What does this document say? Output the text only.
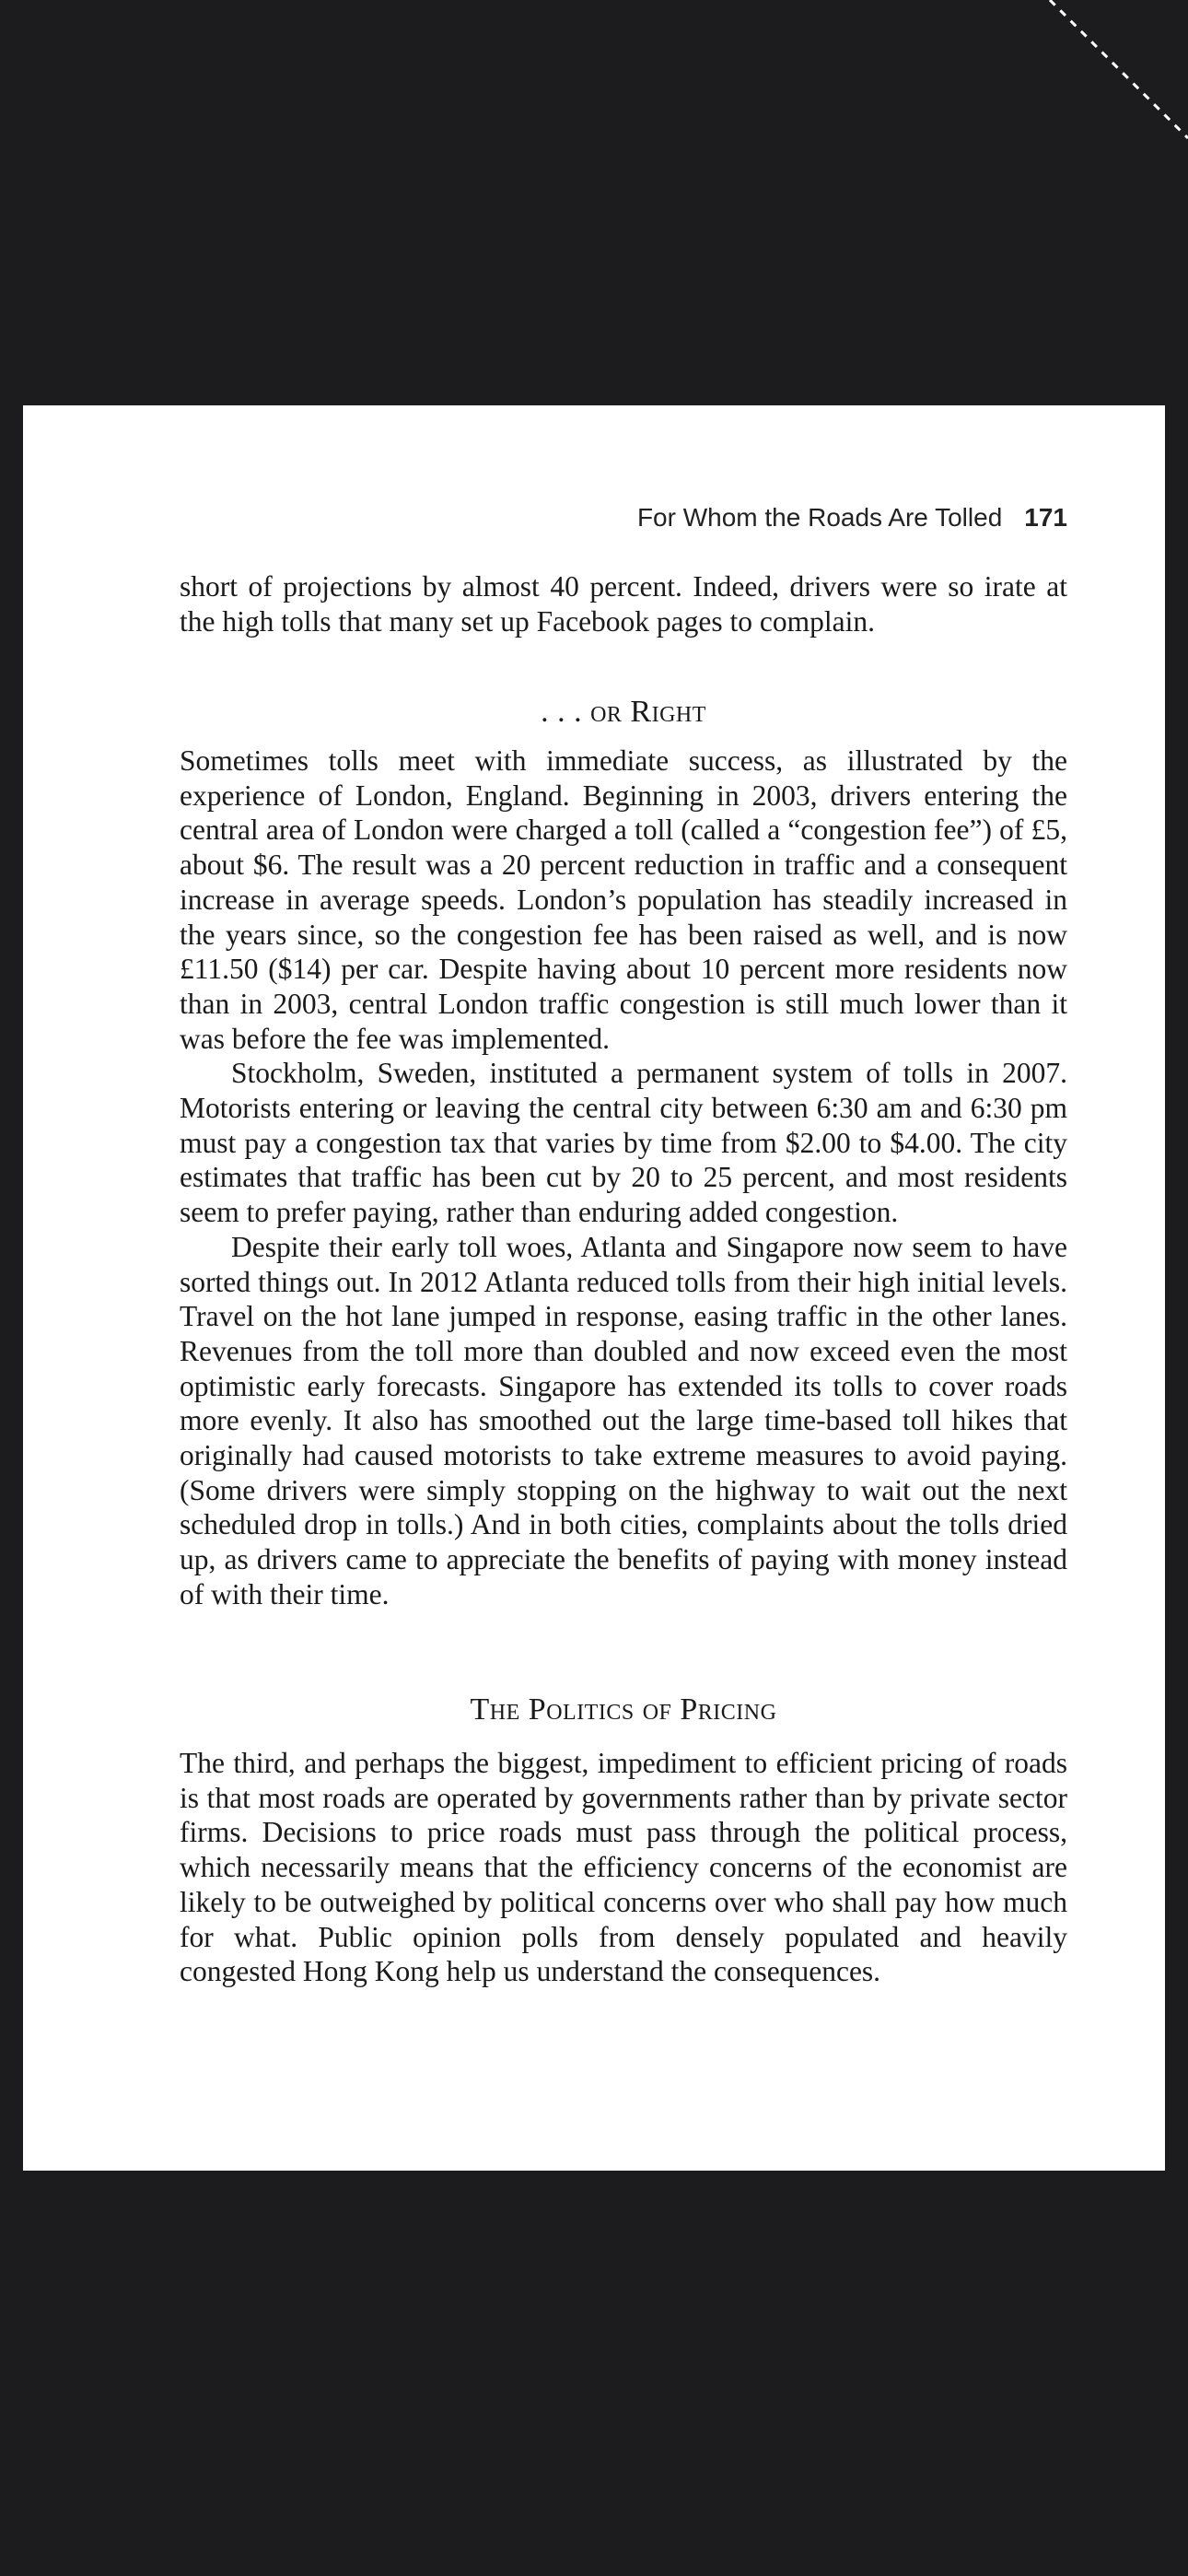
For Whom the Roads Are Tolled 171

short of projections by almost 40 percent. Indeed, drivers were so irate at the high tolls that many set up Facebook pages to complain.

. . . or Right

Sometimes tolls meet with immediate success, as illustrated by the experience of London, England. Beginning in 2003, drivers entering the central area of London were charged a toll (called a “congestion fee”) of £5, about $6. The result was a 20 percent reduction in traffic and a consequent increase in average speeds. London’s population has steadily increased in the years since, so the congestion fee has been raised as well, and is now £11.50 ($14) per car. Despite having about 10 percent more residents now than in 2003, central London traffic congestion is still much lower than it was before the fee was implemented.

Stockholm, Sweden, instituted a permanent system of tolls in 2007. Motorists entering or leaving the central city between 6:30 am and 6:30 pm must pay a congestion tax that varies by time from $2.00 to $4.00. The city estimates that traffic has been cut by 20 to 25 percent, and most residents seem to prefer paying, rather than enduring added congestion.

Despite their early toll woes, Atlanta and Singapore now seem to have sorted things out. In 2012 Atlanta reduced tolls from their high initial levels. Travel on the hot lane jumped in response, easing traffic in the other lanes. Revenues from the toll more than doubled and now exceed even the most optimistic early forecasts. Singapore has extended its tolls to cover roads more evenly. It also has smoothed out the large time-based toll hikes that originally had caused motorists to take extreme measures to avoid paying. (Some drivers were simply stopping on the highway to wait out the next scheduled drop in tolls.) And in both cities, complaints about the tolls dried up, as drivers came to appreciate the benefits of paying with money instead of with their time.

The Politics of Pricing

The third, and perhaps the biggest, impediment to efficient pricing of roads is that most roads are operated by governments rather than by private sector firms. Decisions to price roads must pass through the political process, which necessarily means that the efficiency concerns of the economist are likely to be outweighed by political concerns over who shall pay how much for what. Public opinion polls from densely populated and heavily congested Hong Kong help us understand the consequences.
